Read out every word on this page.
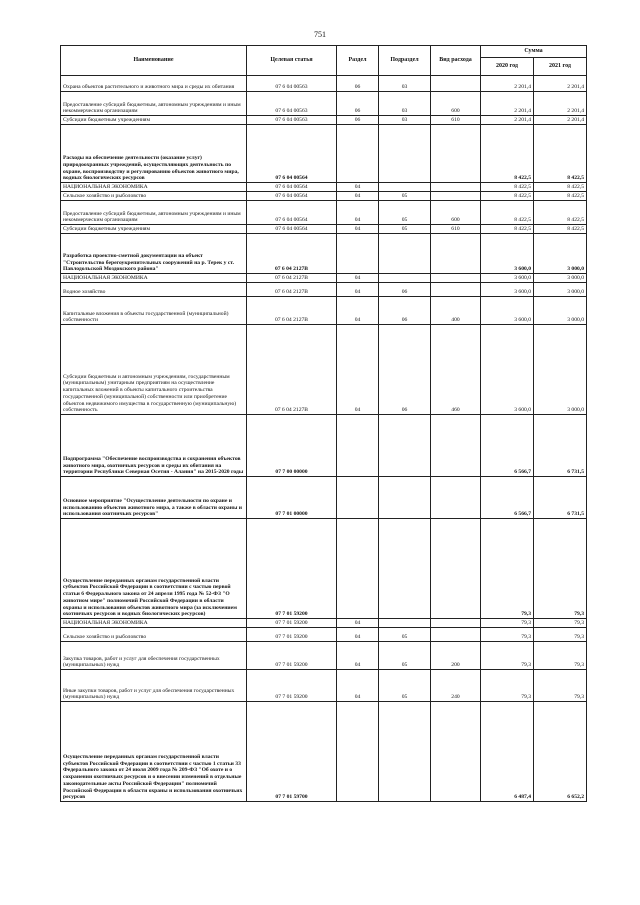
751
Наименование	Целевая статья	Раздел	Подраздел	Вид расхода	Сумма	
					2020 год	2021 год
Охрана объектов растительного и животного мира и среды их обитания	07 6 04 00563	06	03		2 201,4	2 201,4
Предоставление субсидий бюджетным, автономным учреждениям и иным некоммерческим организациям	07 6 04 00563	06	03	600	2 201,4	2 201,4
Субсидии бюджетным учреждениям	07 6 04 00563	06	03	610	2 201,4	2 201,4
Расходы на обеспечение деятельности (оказание услуг) природоохранных учреждений, осуществляющих деятельность по охране, воспроизводству и регулированию объектов животного мира, водных биологических ресурсов	07 6 04 00564				8 422,5	8 422,5
НАЦИОНАЛЬНАЯ ЭКОНОМИКА	07 6 04 00564	04			8 422,5	8 422,5
Сельское хозяйство и рыболовство	07 6 04 00564	04	05		8 422,5	8 422,5
Предоставление субсидий бюджетным, автономным учреждениям и иным некоммерческим организациям	07 6 04 00564	04	05	600	8 422,5	8 422,5
Субсидии бюджетным учреждениям	07 6 04 00564	04	05	610	8 422,5	8 422,5
Разработка проектно-сметной документации на объект "Строительство берегоукрепительных сооружений на р. Терек у ст. Павлодольской Моздокского района"	07 6 04 2127В				3 600,0	3 000,0
НАЦИОНАЛЬНАЯ ЭКОНОМИКА	07 6 04 2127В	04			3 600,0	3 000,0
Водное хозяйство	07 6 04 2127В	04	06		3 600,0	3 000,0
Капитальные вложения в объекты государственной (муниципальной) собственности	07 6 04 2127В	04	06	400	3 600,0	3 000,0
Субсидии бюджетным и автономным учреждениям, государственным (муниципальным) унитарным предприятиям на осуществление капитальных вложений в объекты капитального строительства государственной (муниципальной) собственности или приобретение объектов недвижимого имущества в государственную (муниципальную) собственность	07 6 04 2127В	04	06	460	3 600,0	3 000,0
Подпрограмма "Обеспечение воспроизводства и сохранения объектов животного мира, охотничьих ресурсов и среды их обитания на территории Республики Северная Осетия - Алания" на 2015-2020 годы	07 7 00 00000				6 566,7	6 731,5
Основное мероприятие "Осуществление деятельности по охране и использованию объектов животного мира, а также в области охраны и использования охотничьих ресурсов"	07 7 01 00000				6 566,7	6 731,5
Осуществление переданных органам государственной власти субъектов Российской Федерации в соответствии с частью первой статьи 6 Федерального закона от 24 апреля 1995 года № 52-ФЗ "О животном мире" полномочий Российской Федерации в области охраны и использования объектов животного мира (за исключением охотничьих ресурсов и водных биологических ресурсов)	07 7 01 59200				79,3	79,3
НАЦИОНАЛЬНАЯ ЭКОНОМИКА	07 7 01 59200	04			79,3	79,3
Сельское хозяйство и рыболовство	07 7 01 59200	04	05		79,3	79,3
Закупка товаров, работ и услуг для обеспечения государственных (муниципальных) нужд	07 7 01 59200	04	05	200	79,3	79,3
Иные закупки товаров, работ и услуг для обеспечения государственных (муниципальных) нужд	07 7 01 59200	04	05	240	79,3	79,3
Осуществление переданных органам государственной власти субъектов Российской Федерации в соответствии с частью 1 статьи 33 Федерального закона от 24 июля 2009 года № 209-ФЗ "Об охоте и о сохранении охотничьих ресурсов и о внесении изменений в отдельные законодательные акты Российской Федерации" полномочий Российской Федерации в области охраны и использования охотничьих ресурсов	07 7 01 59700				6 487,4	6 652,2
